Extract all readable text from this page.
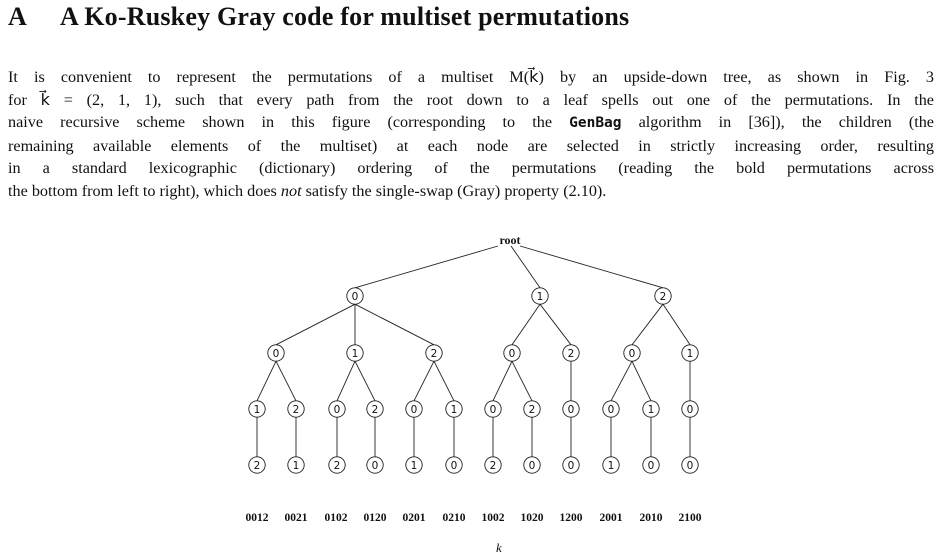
A A Ko-Ruskey Gray code for multiset permutations
It is convenient to represent the permutations of a multiset M(k⃗) by an upside-down tree, as shown in Fig. 3
for k⃗ = (2, 1, 1), such that every path from the root down to a leaf spells out one of the permutations. In the
naive recursive scheme shown in this figure (corresponding to the GenBag algorithm in [36]), the children (the
remaining available elements of the multiset) at each node are selected in strictly increasing order, resulting
in a standard lexicographic (dictionary) ordering of the permutations (reading the bold permutations across
the bottom from left to right), which does not satisfy the single-swap (Gray) property (2.10).
root
0	1	2
0	1	2	0	2	0	1
1	2	0	2	0	1	0	2	0	0	1	0
2	1	2	0	1	0	2	0	0	1	0	0
0012	0021	0102	0120	0201	0210	1002	1020	1200	2001	2010	2100
k⃗
